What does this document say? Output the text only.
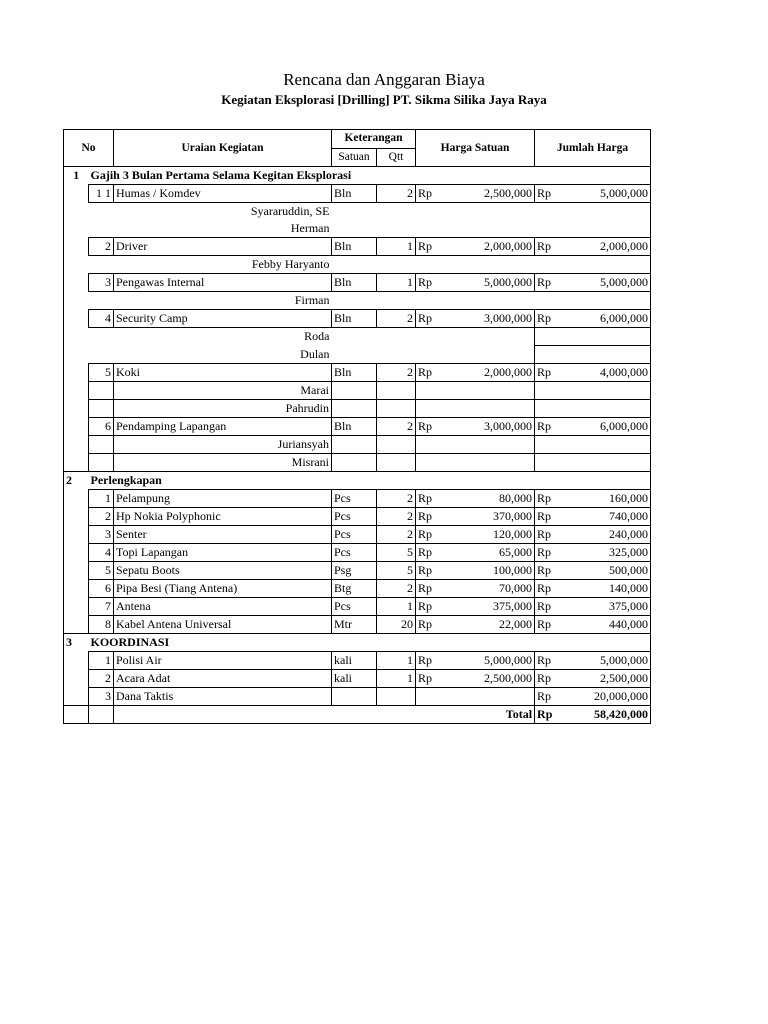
Rencana dan Anggaran Biaya
Kegiatan Eksplorasi [Drilling] PT. Sikma Silika Jaya Raya
No		Uraian Kegiatan	Keterangan		Harga Satuan		Jumlah Harga	
			Satuan	Qtt				
1	Gajih 3 Bulan Pertama Selama Kegitan Eksplorasi							
	1 1	Humas / Komdev	Bln	2	Rp	2,500,000	Rp	5,000,000
		Syararuddin, SE						
		Herman						
	2	Driver	Bln	1	Rp	2,000,000	Rp	2,000,000
		Febby Haryanto						
	3	Pengawas Internal	Bln	1	Rp	5,000,000	Rp	5,000,000
		Firman						
	4	Security Camp	Bln	2	Rp	3,000,000	Rp	6,000,000
		Roda						
		Dulan						
	5	Koki	Bln	2	Rp	2,000,000	Rp	4,000,000
		Marai						
		Pahrudin						
	6	Pendamping Lapangan	Bln	2	Rp	3,000,000	Rp	6,000,000
		Juriansyah						
		Misrani						
2	Perlengkapan							
	1	Pelampung	Pcs	2	Rp	80,000	Rp	160,000
	2	Hp Nokia Polyphonic	Pcs	2	Rp	370,000	Rp	740,000
	3	Senter	Pcs	2	Rp	120,000	Rp	240,000
	4	Topi Lapangan	Pcs	5	Rp	65,000	Rp	325,000
	5	Sepatu Boots	Psg	5	Rp	100,000	Rp	500,000
	6	Pipa Besi (Tiang Antena)	Btg	2	Rp	70,000	Rp	140,000
	7	Antena	Pcs	1	Rp	375,000	Rp	375,000
	8	Kabel Antena Universal	Mtr	20	Rp	22,000	Rp	440,000
3	KOORDINASI							
	1	Polisi Air	kali	1	Rp	5,000,000	Rp	5,000,000
	2	Acara Adat	kali	1	Rp	2,500,000	Rp	2,500,000
	3	Dana Taktis					Rp	20,000,000
		Total					Rp	58,420,000
